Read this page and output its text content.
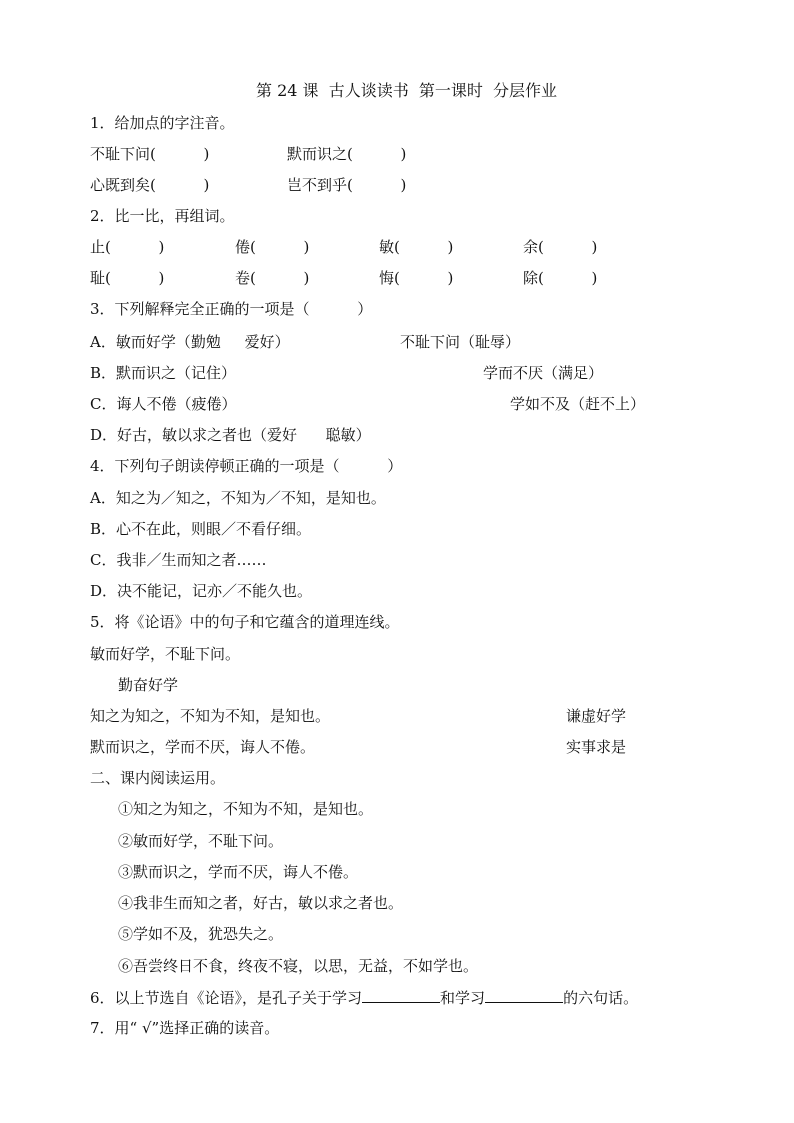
第 24 课  古人谈读书  第一课时  分层作业
1．给加点的字注音。
不耻下问(          )	默而识之(          )
心既到矣(          )	岂不到乎(          )
2．比一比，再组词。
止(          )	倦(          )	敏(          )	余(          )
耻(          )	卷(          )	悔(          )	除(          )
3．下列解释完全正确的一项是（          ）
A．敏而好学（勤勉     爱好）	不耻下问（耻辱）
B．默而识之（记住）	学而不厌（满足）
C．诲人不倦（疲倦）	学如不及（赶不上）
D．好古，敏以求之者也（爱好      聪敏）
4．下列句子朗读停顿正确的一项是（          ）
A．知之为／知之，不知为／不知，是知也。
B．心不在此，则眼／不看仔细。
C．我非／生而知之者……
D．决不能记，记亦／不能久也。
5．将《论语》中的句子和它蕴含的道理连线。
敏而好学，不耻下问。
勤奋好学
知之为知之，不知为不知，是知也。	谦虚好学
默而识之，学而不厌，诲人不倦。	实事求是
二、课内阅读运用。
①知之为知之，不知为不知，是知也。
②敏而好学，不耻下问。
③默而识之，学而不厌，诲人不倦。
④我非生而知之者，好古，敏以求之者也。
⑤学如不及，犹恐失之。
⑥吾尝终日不食，终夜不寝，以思，无益，不如学也。
6．以上节选自《论语》，是孔子关于学习	和学习	的六句话。
7．用“ √”选择正确的读音。
